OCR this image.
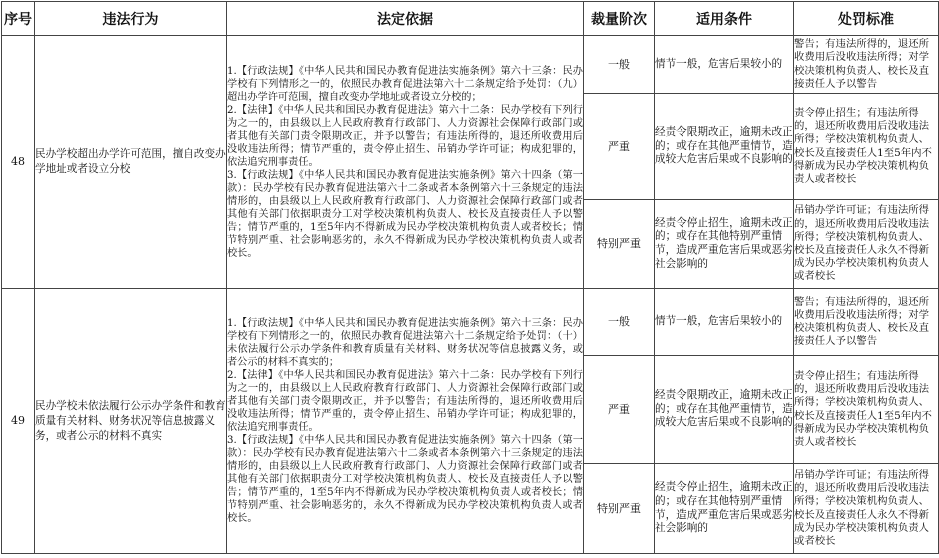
序号	违法行为	法定依据	裁量阶次	适用条件	处罚标准
48	民办学校超出办学许可范围，擅自改变办学地址或者设立分校	1.【行政法规】《中华人民共和国民办教育促进法实施条例》第六十三条：民办学校有下列情形之一的，依照民办教育促进法第六十二条规定给予处罚：（九）超出办学许可范围，擅自改变办学地址或者设立分校的；

2.【法律】《中华人民共和国民办教育促进法》第六十二条：民办学校有下列行为之一的，由县级以上人民政府教育行政部门、人力资源社会保障行政部门或者其他有关部门责令限期改正，并予以警告；有违法所得的，退还所收费用后没收违法所得；情节严重的，责令停止招生、吊销办学许可证；构成犯罪的，依法追究刑事责任。

3.【行政法规】《中华人民共和国民办教育促进法实施条例》第六十四条（第一款）：民办学校有民办教育促进法第六十二条或者本条例第六十三条规定的违法情形的，由县级以上人民政府教育行政部门、人力资源社会保障行政部门或者其他有关部门依据职责分工对学校决策机构负责人、校长及直接责任人予以警告；情节严重的，1至5年内不得新成为民办学校决策机构负责人或者校长；情节特别严重、社会影响恶劣的，永久不得新成为民办学校决策机构负责人或者校长。	一般	情节一般，危害后果较小的	警告；有违法所得的，退还所收费用后没收违法所得；对学校决策机构负责人、校长及直接责任人予以警告
			严重	经责令限期改正，逾期未改正的；或存在其他严重情节，造成较大危害后果或不良影响的	责令停止招生；有违法所得的，退还所收费用后没收违法所得；学校决策机构负责人、校长及直接责任人1至5年内不得新成为民办学校决策机构负责人或者校长
			特别严重	经责令停止招生，逾期未改正的；或存在其他特别严重情节，造成严重危害后果或恶劣社会影响的	吊销办学许可证；有违法所得的，退还所收费用后没收违法所得；学校决策机构负责人、校长及直接责任人永久不得新成为民办学校决策机构负责人或者校长
49	民办学校未依法履行公示办学条件和教育质量有关材料、财务状况等信息披露义务，或者公示的材料不真实	1.【行政法规】《中华人民共和国民办教育促进法实施条例》第六十三条：民办学校有下列情形之一的，依照民办教育促进法第六十二条规定给予处罚：（十）未依法履行公示办学条件和教育质量有关材料、财务状况等信息披露义务，或者公示的材料不真实的；

2.【法律】《中华人民共和国民办教育促进法》第六十二条：民办学校有下列行为之一的，由县级以上人民政府教育行政部门、人力资源社会保障行政部门或者其他有关部门责令限期改正，并予以警告；有违法所得的，退还所收费用后没收违法所得；情节严重的，责令停止招生、吊销办学许可证；构成犯罪的，依法追究刑事责任。

3.【行政法规】《中华人民共和国民办教育促进法实施条例》第六十四条（第一款）：民办学校有民办教育促进法第六十二条或者本条例第六十三条规定的违法情形的，由县级以上人民政府教育行政部门、人力资源社会保障行政部门或者其他有关部门依据职责分工对学校决策机构负责人、校长及直接责任人予以警告；情节严重的，1至5年内不得新成为民办学校决策机构负责人或者校长；情节特别严重、社会影响恶劣的，永久不得新成为民办学校决策机构负责人或者校长。	一般	情节一般，危害后果较小的	警告；有违法所得的，退还所收费用后没收违法所得；对学校决策机构负责人、校长及直接责任人予以警告
			严重	经责令限期改正，逾期未改正的；或存在其他严重情节，造成较大危害后果或不良影响的	责令停止招生；有违法所得的，退还所收费用后没收违法所得；学校决策机构负责人、校长及直接责任人1至5年内不得新成为民办学校决策机构负责人或者校长
			特别严重	经责令停止招生，逾期未改正的；或存在其他特别严重情节，造成严重危害后果或恶劣社会影响的	吊销办学许可证；有违法所得的，退还所收费用后没收违法所得；学校决策机构负责人、校长及直接责任人永久不得新成为民办学校决策机构负责人或者校长
